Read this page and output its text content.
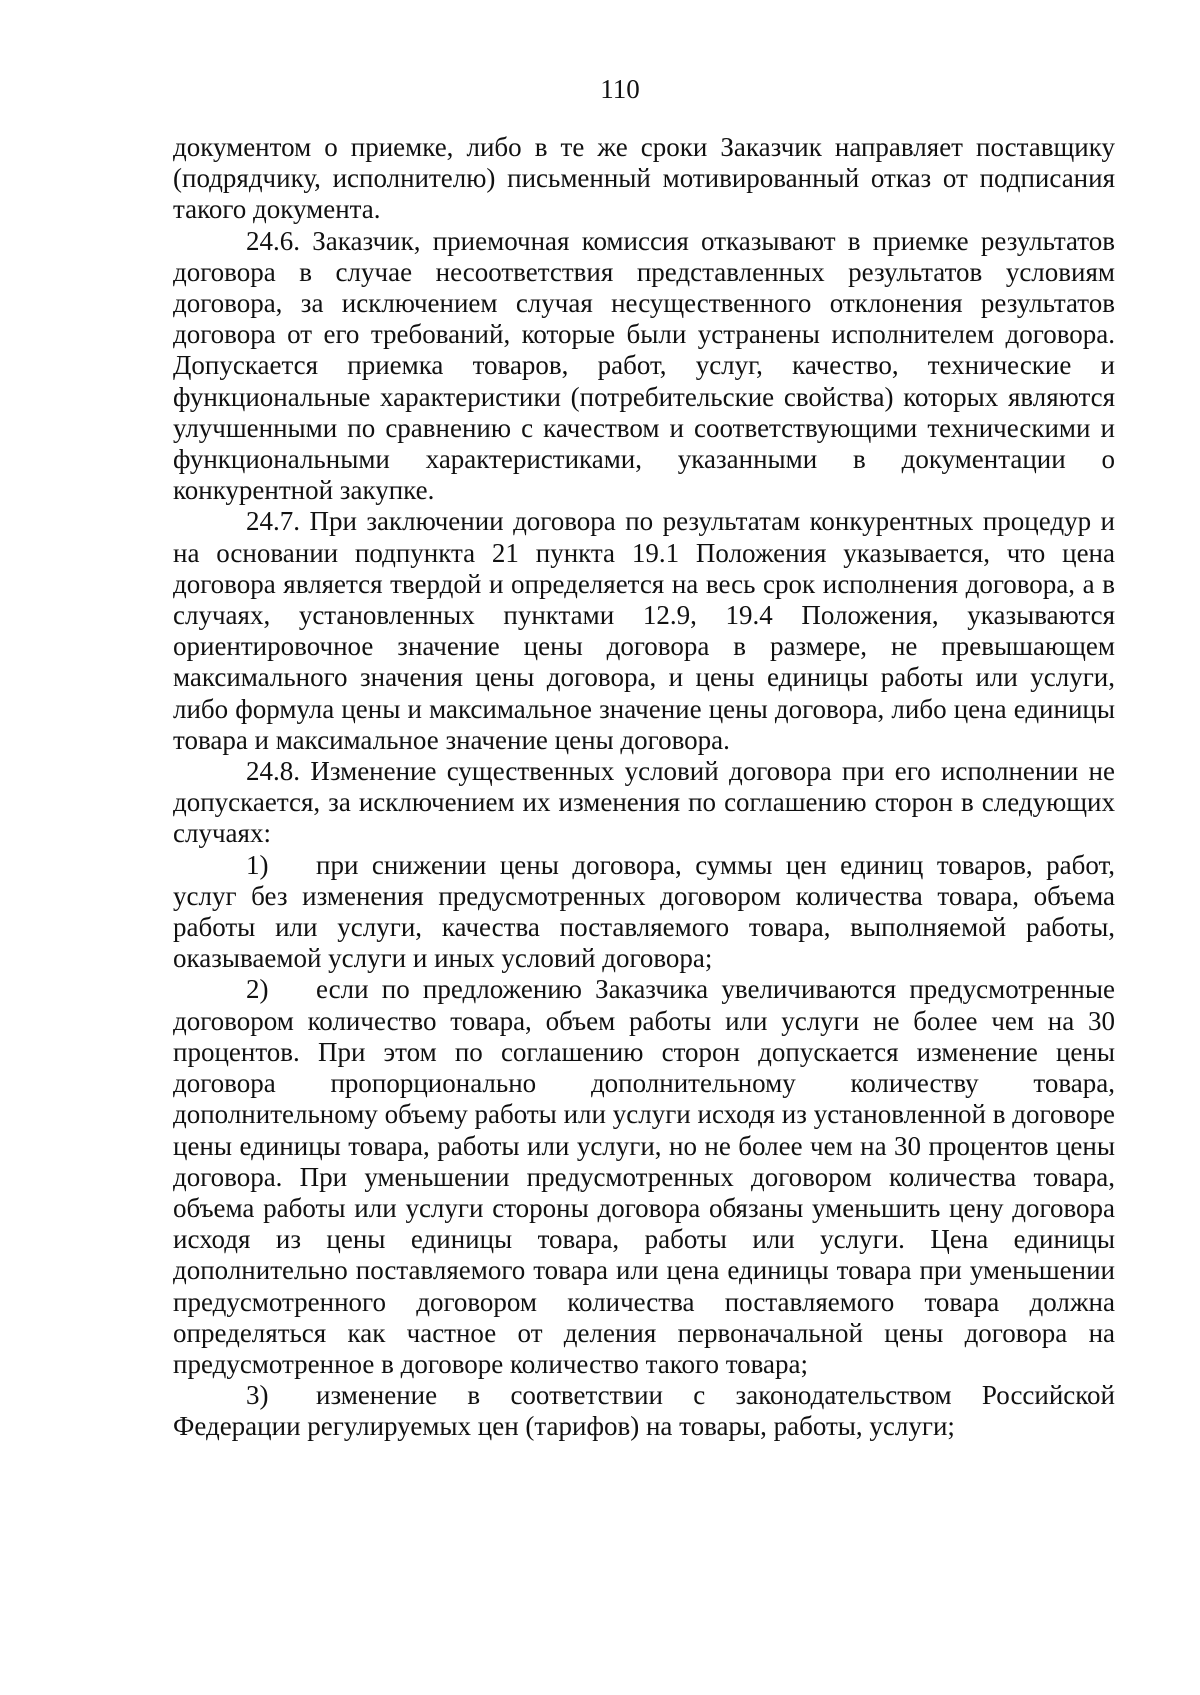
110

документом о приемке, либо в те же сроки Заказчик направляет поставщику (подрядчику, исполнителю) письменный мотивированный отказ от подписания такого документа.

24.6. Заказчик, приемочная комиссия отказывают в приемке результатов договора в случае несоответствия представленных результатов условиям договора, за исключением случая несущественного отклонения результатов договора от его требований, которые были устранены исполнителем договора. Допускается приемка товаров, работ, услуг, качество, технические и функциональные характеристики (потребительские свойства) которых являются улучшенными по сравнению с качеством и соответствующими техническими и функциональными характеристиками, указанными в документации о конкурентной закупке.

24.7. При заключении договора по результатам конкурентных процедур и на основании подпункта 21 пункта 19.1 Положения указывается, что цена договора является твердой и определяется на весь срок исполнения договора, а в случаях, установленных пунктами 12.9, 19.4 Положения, указываются ориентировочное значение цены договора в размере, не превышающем максимального значения цены договора, и цены единицы работы или услуги, либо формула цены и максимальное значение цены договора, либо цена единицы товара и максимальное значение цены договора.

24.8. Изменение существенных условий договора при его исполнении не допускается, за исключением их изменения по соглашению сторон в следующих случаях:

1) при снижении цены договора, суммы цен единиц товаров, работ, услуг без изменения предусмотренных договором количества товара, объема работы или услуги, качества поставляемого товара, выполняемой работы, оказываемой услуги и иных условий договора;

2) если по предложению Заказчика увеличиваются предусмотренные договором количество товара, объем работы или услуги не более чем на 30 процентов. При этом по соглашению сторон допускается изменение цены договора пропорционально дополнительному количеству товара, дополнительному объему работы или услуги исходя из установленной в договоре цены единицы товара, работы или услуги, но не более чем на 30 процентов цены договора. При уменьшении предусмотренных договором количества товара, объема работы или услуги стороны договора обязаны уменьшить цену договора исходя из цены единицы товара, работы или услуги. Цена единицы дополнительно поставляемого товара или цена единицы товара при уменьшении предусмотренного договором количества поставляемого товара должна определяться как частное от деления первоначальной цены договора на предусмотренное в договоре количество такого товара;

3) изменение в соответствии с законодательством Российской Федерации регулируемых цен (тарифов) на товары, работы, услуги;
